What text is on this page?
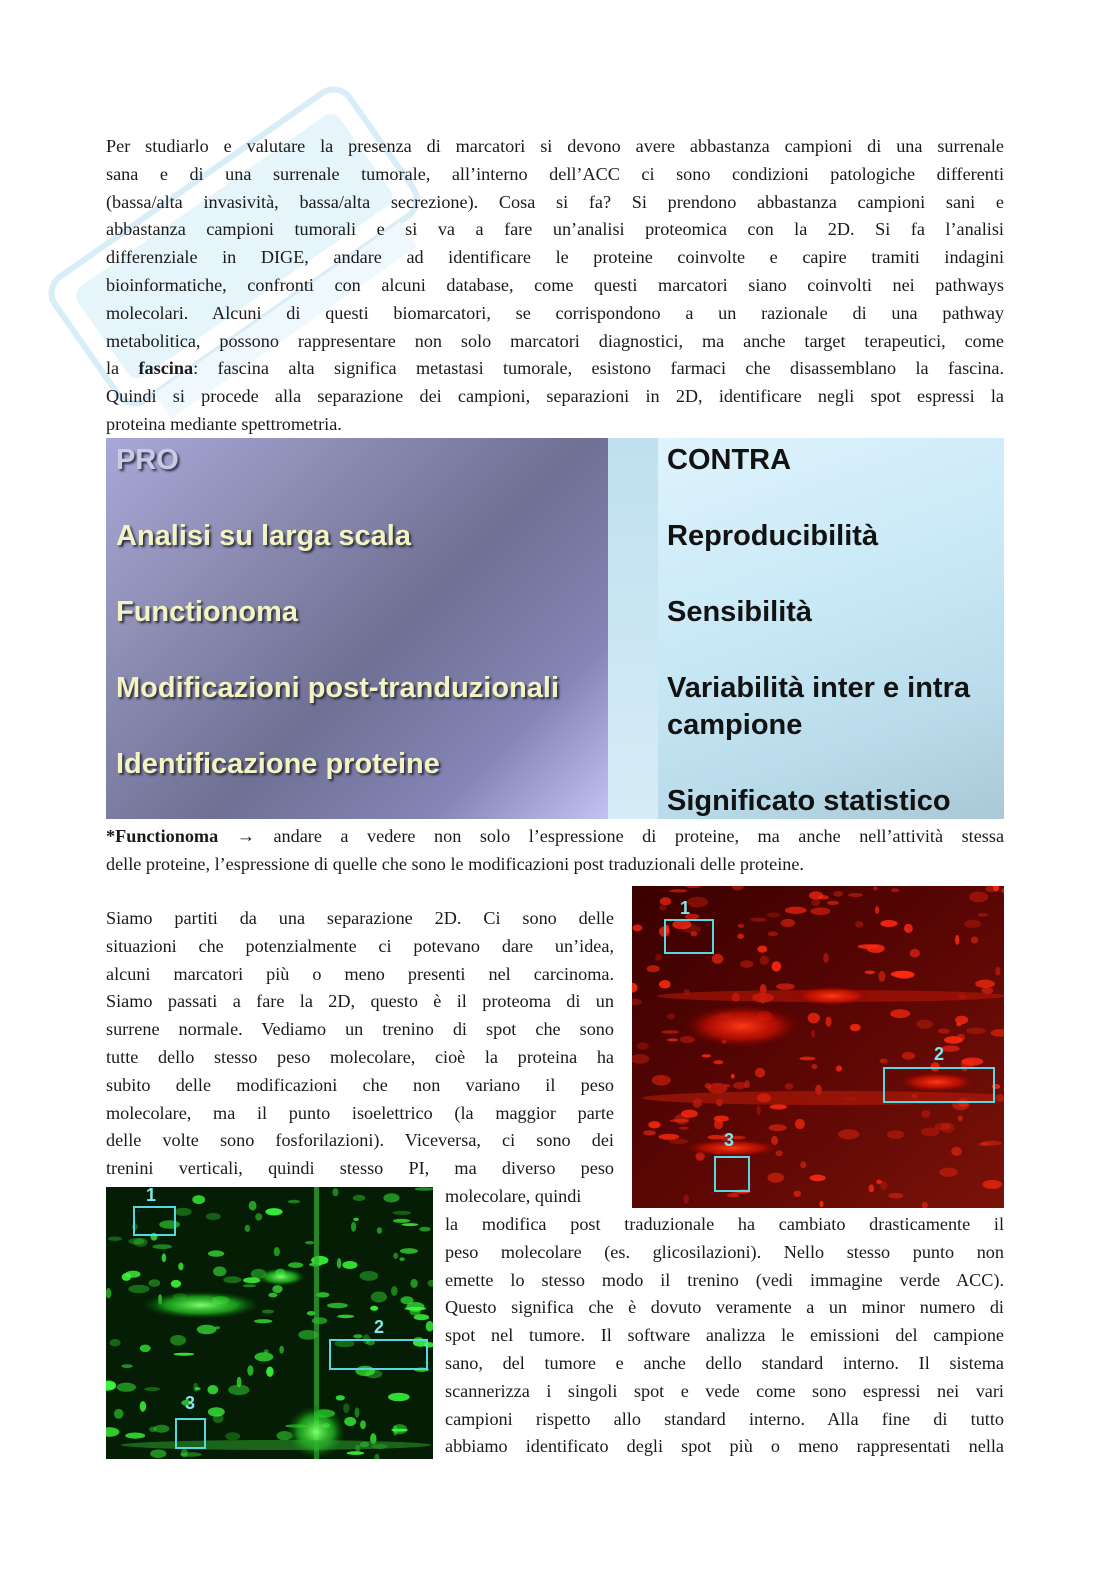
Per studiarlo e valutare la presenza di marcatori si devono avere abbastanza campioni di una surrenale
sana e di una surrenale tumorale, all’interno dell’ACC ci sono condizioni patologiche differenti
(bassa/alta invasività, bassa/alta secrezione). Cosa si fa? Si prendono abbastanza campioni sani e
abbastanza campioni tumorali e si va a fare un’analisi proteomica con la 2D. Si fa l’analisi
differenziale in DIGE, andare ad identificare le proteine coinvolte e capire tramiti indagini
bioinformatiche, confronti con alcuni database, come questi marcatori siano coinvolti nei pathways
molecolari. Alcuni di questi biomarcatori, se corrispondono a un razionale di una pathway
metabolitica, possono rappresentare non solo marcatori diagnostici, ma anche target terapeutici, come
la fascina: fascina alta significa metastasi tumorale, esistono farmaci che disassemblano la fascina.
Quindi si procede alla separazione dei campioni, separazioni in 2D, identificare negli spot espressi la
proteina mediante spettrometria.
PRO
Analisi su larga scala
Functionoma
Modificazioni post-tranduzionali
Identificazione proteine
CONTRA
Reproducibilità
Sensibilità
Variabilità inter e intra
campione
Significato statistico
*Functionoma → andare a vedere non solo l’espressione di proteine, ma anche nell’attività stessa
delle proteine, l’espressione di quelle che sono le modificazioni post traduzionali delle proteine.
Siamo partiti da una separazione 2D. Ci sono delle
situazioni che potenzialmente ci potevano dare un’idea,
alcuni marcatori più o meno presenti nel carcinoma.
Siamo passati a fare la 2D, questo è il proteoma di un
surrene normale. Vediamo un trenino di spot che sono
tutte dello stesso peso molecolare, cioè la proteina ha
subito delle modificazioni che non variano il peso
molecolare, ma il punto isoelettrico (la maggior parte
delle volte sono fosforilazioni). Viceversa, ci sono dei
trenini verticali, quindi stesso PI, ma diverso peso
molecolare, quindi
la modifica post traduzionale ha cambiato drasticamente il
peso molecolare (es. glicosilazioni). Nello stesso punto non
emette lo stesso modo il trenino (vedi immagine verde ACC).
Questo significa che è dovuto veramente a un minor numero di
spot nel tumore. Il software analizza le emissioni del campione
sano, del tumore e anche dello standard interno. Il sistema
scannerizza i singoli spot e vede come sono espressi nei vari
campioni rispetto allo standard interno. Alla fine di tutto
abbiamo identificato degli spot più o meno rappresentati nella
1
2
3
1
2
3
